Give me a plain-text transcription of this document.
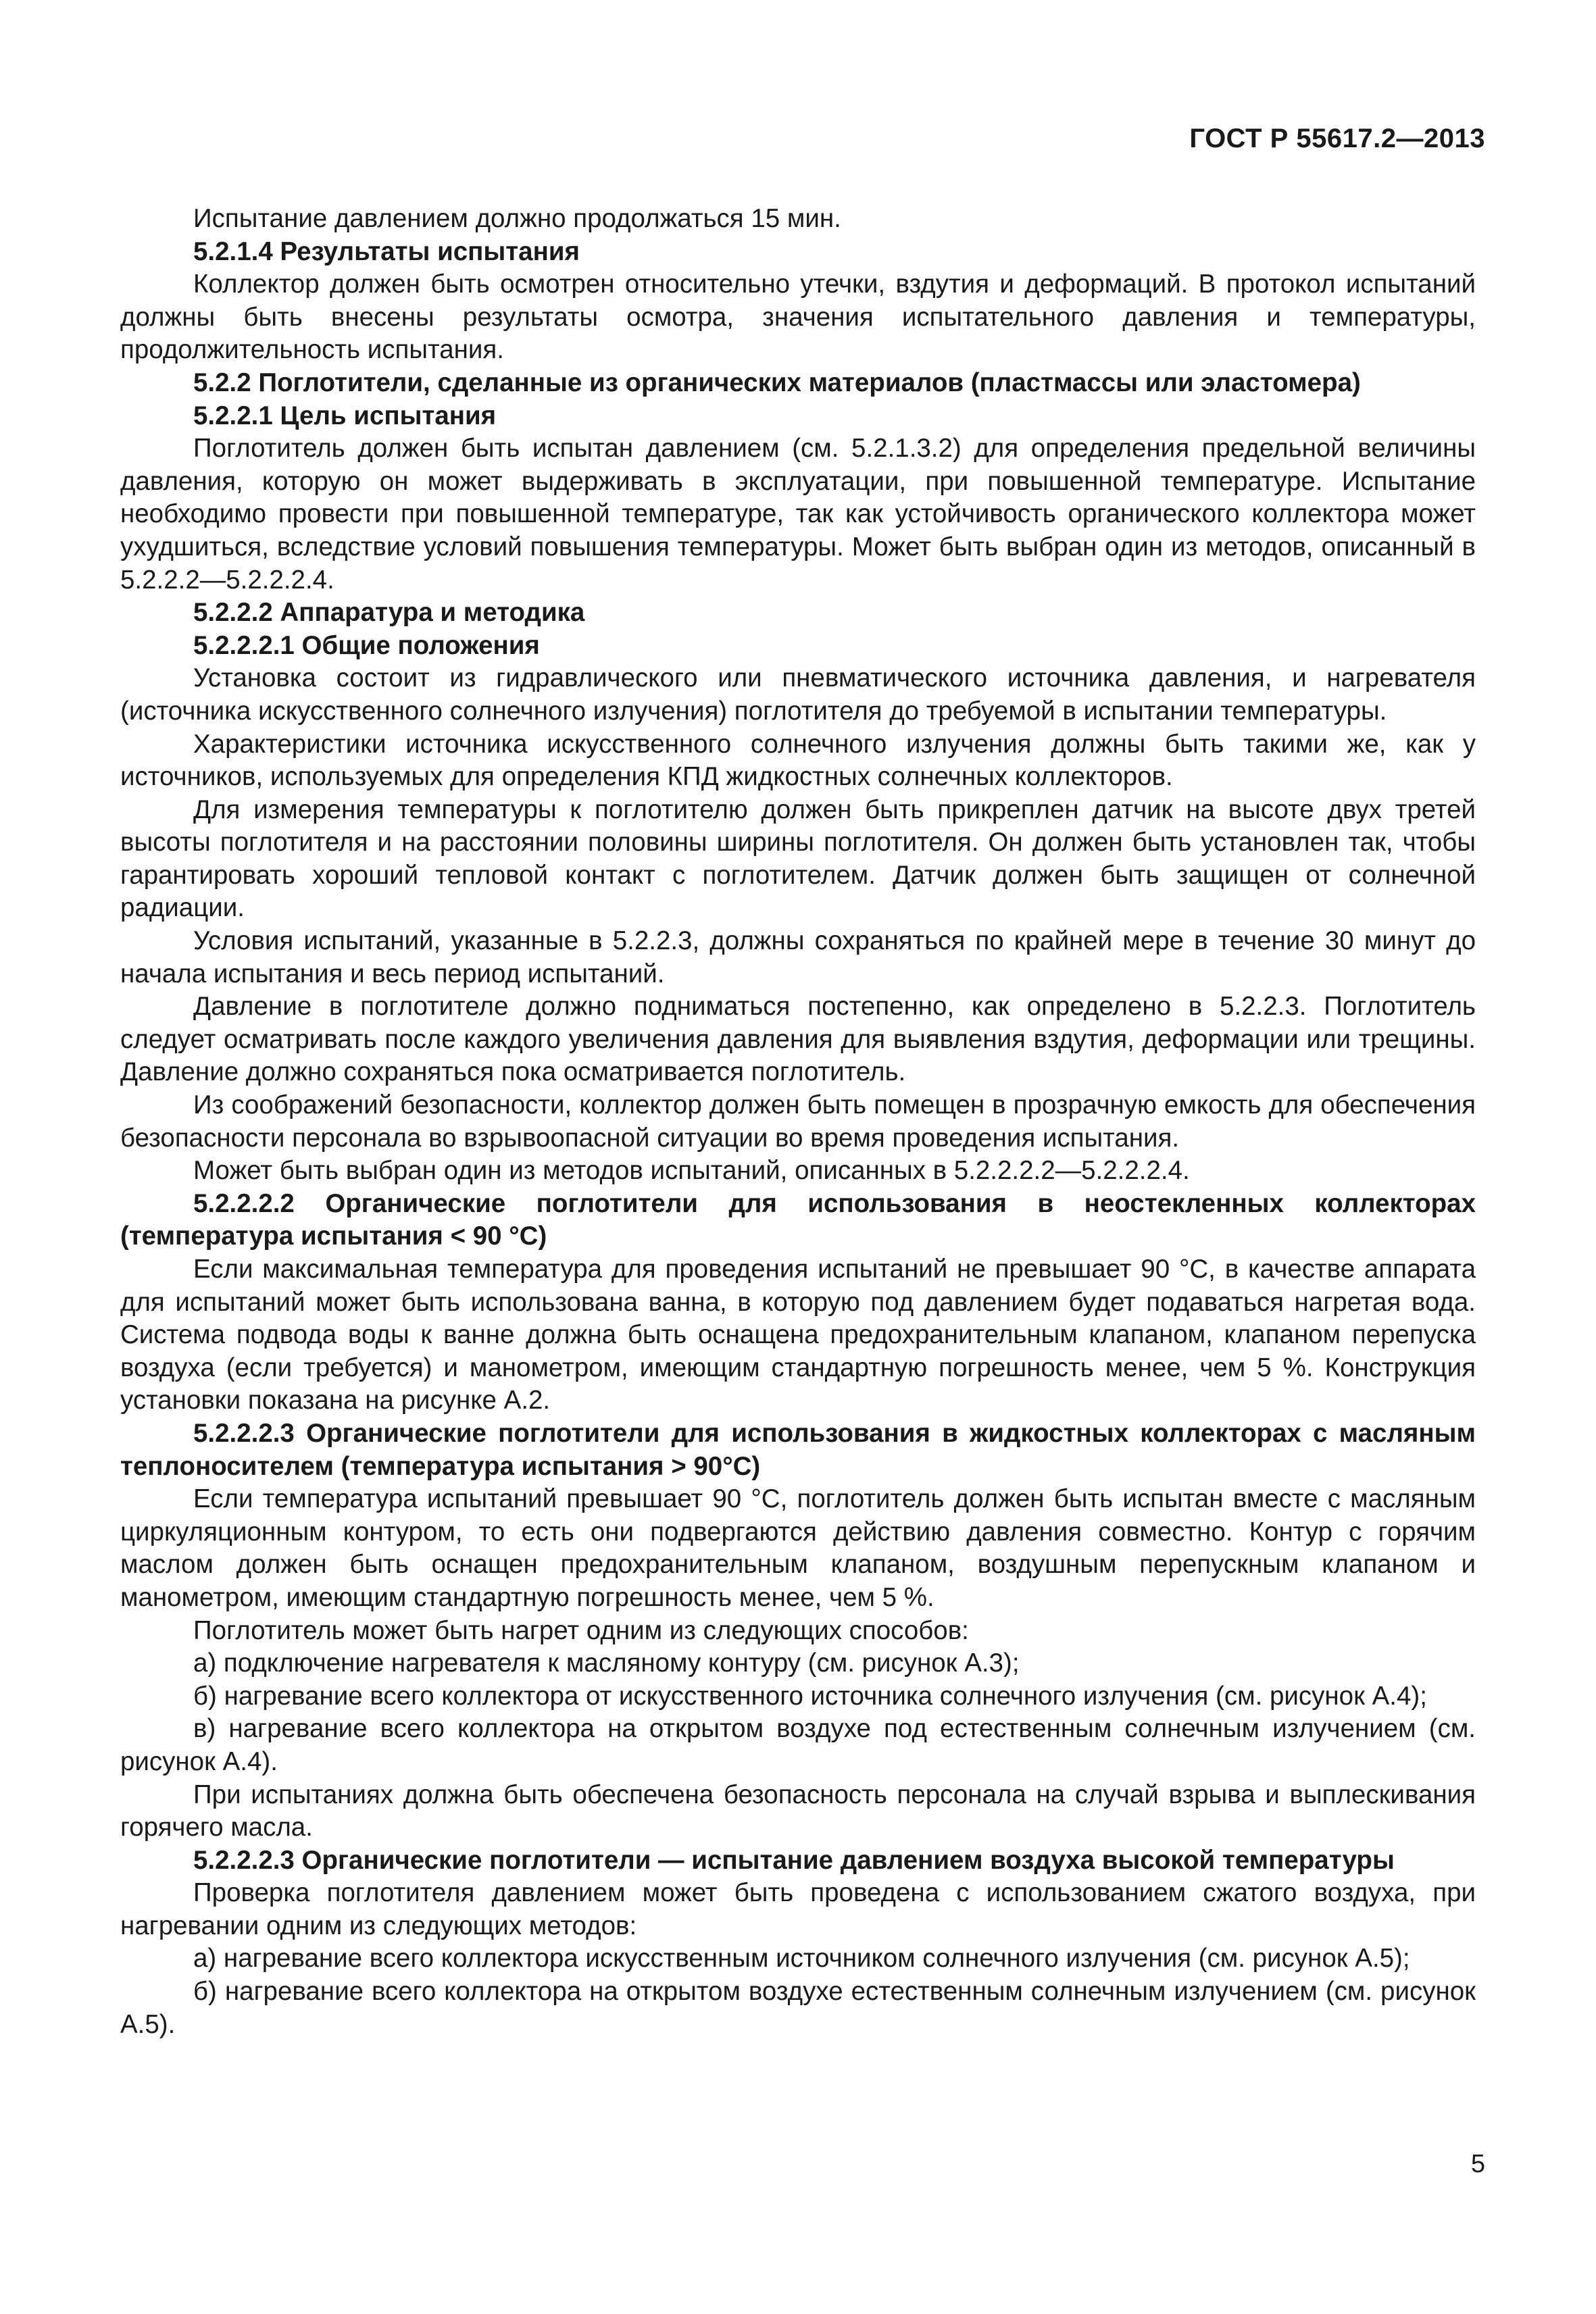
ГОСТ Р 55617.2—2013

Испытание давлением должно продолжаться 15 мин.

5.2.1.4 Результаты испытания

Коллектор должен быть осмотрен относительно утечки, вздутия и деформаций. В протокол испытаний должны быть внесены результаты осмотра, значения испытательного давления и температуры, продолжительность испытания.

5.2.2 Поглотители, сделанные из органических материалов (пластмассы или эластомера)

5.2.2.1 Цель испытания

Поглотитель должен быть испытан давлением (см. 5.2.1.3.2) для определения предельной величины давления, которую он может выдерживать в эксплуатации, при повышенной температуре. Испытание необходимо провести при повышенной температуре, так как устойчивость органического коллектора может ухудшиться, вследствие условий повышения температуры. Может быть выбран один из методов, описанный в 5.2.2.2—5.2.2.2.4.

5.2.2.2 Аппаратура и методика

5.2.2.2.1 Общие положения

Установка состоит из гидравлического или пневматического источника давления, и нагревателя (источника искусственного солнечного излучения) поглотителя до требуемой в испытании температуры.

Характеристики источника искусственного солнечного излучения должны быть такими же, как у источников, используемых для определения КПД жидкостных солнечных коллекторов.

Для измерения температуры к поглотителю должен быть прикреплен датчик на высоте двух третей высоты поглотителя и на расстоянии половины ширины поглотителя. Он должен быть установлен так, чтобы гарантировать хороший тепловой контакт с поглотителем. Датчик должен быть защищен от солнечной радиации.

Условия испытаний, указанные в 5.2.2.3, должны сохраняться по крайней мере в течение 30 минут до начала испытания и весь период испытаний.

Давление в поглотителе должно подниматься постепенно, как определено в 5.2.2.3. Поглотитель следует осматривать после каждого увеличения давления для выявления вздутия, деформации или трещины. Давление должно сохраняться пока осматривается поглотитель.

Из соображений безопасности, коллектор должен быть помещен в прозрачную емкость для обеспечения безопасности персонала во взрывоопасной ситуации во время проведения испытания.

Может быть выбран один из методов испытаний, описанных в 5.2.2.2.2—5.2.2.2.4.

5.2.2.2.2 Органические поглотители для использования в неостекленных коллекторах (температура испытания < 90 °С)

Если максимальная температура для проведения испытаний не превышает 90 °С, в качестве аппарата для испытаний может быть использована ванна, в которую под давлением будет подаваться нагретая вода. Система подвода воды к ванне должна быть оснащена предохранительным клапаном, клапаном перепуска воздуха (если требуется) и манометром, имеющим стандартную погрешность менее, чем 5 %. Конструкция установки показана на рисунке А.2.

5.2.2.2.3 Органические поглотители для использования в жидкостных коллекторах с масляным теплоносителем (температура испытания > 90°С)

Если температура испытаний превышает 90 °С, поглотитель должен быть испытан вместе с масляным циркуляционным контуром, то есть они подвергаются действию давления совместно. Контур с горячим маслом должен быть оснащен предохранительным клапаном, воздушным перепускным клапаном и манометром, имеющим стандартную погрешность менее, чем 5 %.

Поглотитель может быть нагрет одним из следующих способов:

а) подключение нагревателя к масляному контуру (см. рисунок А.3);

б) нагревание всего коллектора от искусственного источника солнечного излучения (см. рисунок А.4);

в) нагревание всего коллектора на открытом воздухе под естественным солнечным излучением (см. рисунок А.4).

При испытаниях должна быть обеспечена безопасность персонала на случай взрыва и выплескивания горячего масла.

5.2.2.2.3 Органические поглотители — испытание давлением воздуха высокой температуры

Проверка поглотителя давлением может быть проведена с использованием сжатого воздуха, при нагревании одним из следующих методов:

а) нагревание всего коллектора искусственным источником солнечного излучения (см. рисунок А.5);

б) нагревание всего коллектора на открытом воздухе естественным солнечным излучением (см. рисунок А.5).

5
